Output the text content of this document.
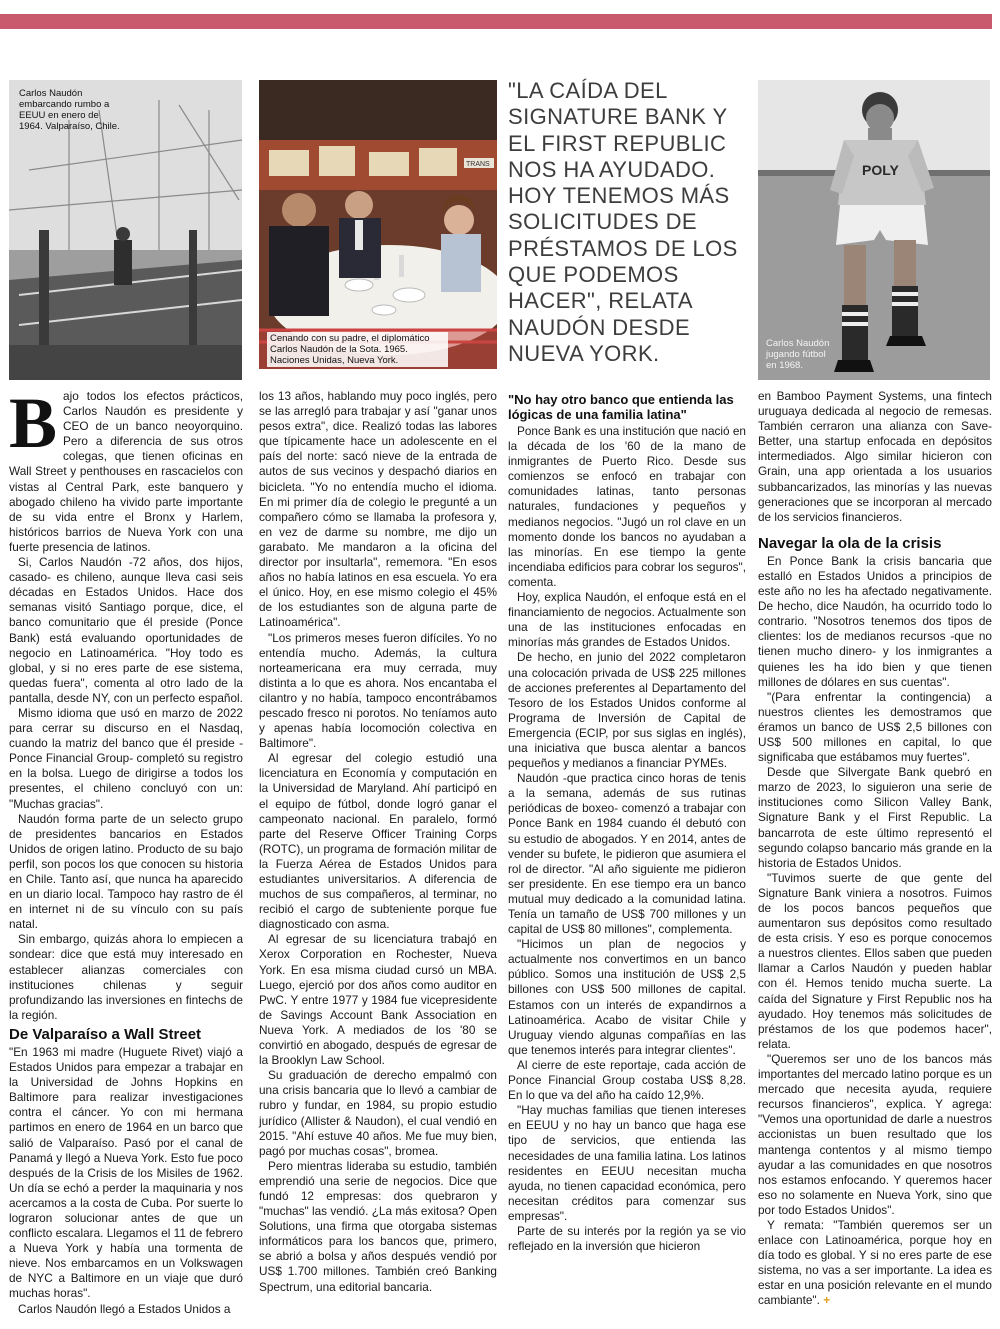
Carlos Naudón embarcando rumbo a EEUU en enero de 1964. Valparaíso, Chile.
TRANS
Cenando con su padre, el diplomático Carlos Naudón de la Sota. 1965. Naciones Unidas, Nueva York.
"LA CAÍDA DEL SIGNATURE BANK Y EL FIRST REPUBLIC NOS HA AYUDADO. HOY TENEMOS MÁS SOLICITUDES DE PRÉSTAMOS DE LOS QUE PODEMOS HACER", RELATA NAUDÓN DESDE NUEVA YORK.
POLY
Carlos Naudón jugando fútbol en 1968.
B ajo todos los efectos prácticos, Carlos Naudón es presidente y CEO de un banco neoyorquino. Pero a diferencia de sus otros colegas, que tienen oficinas en Wall Street y penthouses en rascacielos con vistas al Central Park, este banquero y abogado chileno ha vivido parte importante de su vida entre el Bronx y Harlem, históricos barrios de Nueva York con una fuerte presencia de latinos.

Si, Carlos Naudón -72 años, dos hijos, casado- es chileno, aunque lleva casi seis décadas en Estados Unidos. Hace dos semanas visitó Santiago porque, dice, el banco comunitario que él preside (Ponce Bank) está evaluando oportunidades de negocio en Latinoamérica. "Hoy todo es global, y si no eres parte de ese sistema, quedas fuera", comenta al otro lado de la pantalla, desde NY, con un perfecto español.

Mismo idioma que usó en marzo de 2022 para cerrar su discurso en el Nasdaq, cuando la matriz del banco que él preside -Ponce Financial Group- completó su registro en la bolsa. Luego de dirigirse a todos los presentes, el chileno concluyó con un: "Muchas gracias".

Naudón forma parte de un selecto grupo de presidentes bancarios en Estados Unidos de origen latino. Producto de su bajo perfil, son pocos los que conocen su historia en Chile. Tanto así, que nunca ha aparecido en un diario local. Tampoco hay rastro de él en internet ni de su vínculo con su país natal.

Sin embargo, quizás ahora lo empiecen a sondear: dice que está muy interesado en establecer alianzas comerciales con instituciones chilenas y seguir profundizando las inversiones en fintechs de la región.

De Valparaíso a Wall Street

"En 1963 mi madre (Huguete Rivet) viajó a Estados Unidos para empezar a trabajar en la Universidad de Johns Hopkins en Baltimore para realizar investigaciones contra el cáncer. Yo con mi hermana partimos en enero de 1964 en un barco que salió de Valparaíso. Pasó por el canal de Panamá y llegó a Nueva York. Esto fue poco después de la Crisis de los Misiles de 1962. Un día se echó a perder la maquinaria y nos acercamos a la costa de Cuba. Por suerte lo lograron solucionar antes de que un conflicto escalara. Llegamos el 11 de febrero a Nueva York y había una tormenta de nieve. Nos embarcamos en un Volkswagen de NYC a Baltimore en un viaje que duró muchas horas".

Carlos Naudón llegó a Estados Unidos a

los 13 años, hablando muy poco inglés, pero se las arregló para trabajar y así "ganar unos pesos extra", dice. Realizó todas las labores que típicamente hace un adolescente en el país del norte: sacó nieve de la entrada de autos de sus vecinos y despachó diarios en bicicleta. "Yo no entendía mucho el idioma. En mi primer día de colegio le pregunté a un compañero cómo se llamaba la profesora y, en vez de darme su nombre, me dijo un garabato. Me mandaron a la oficina del director por insultarla", rememora. "En esos años no había latinos en esa escuela. Yo era el único. Hoy, en ese mismo colegio el 45% de los estudiantes son de alguna parte de Latinoamérica".

"Los primeros meses fueron difíciles. Yo no entendía mucho. Además, la cultura norteamericana era muy cerrada, muy distinta a lo que es ahora. Nos encantaba el cilantro y no había, tampoco encontrábamos pescado fresco ni porotos. No teníamos auto y apenas había locomoción colectiva en Baltimore".

Al egresar del colegio estudió una licenciatura en Economía y computación en la Universidad de Maryland. Ahí participó en el equipo de fútbol, donde logró ganar el campeonato nacional. En paralelo, formó parte del Reserve Officer Training Corps (ROTC), un programa de formación militar de la Fuerza Aérea de Estados Unidos para estudiantes universitarios. A diferencia de muchos de sus compañeros, al terminar, no recibió el cargo de subteniente porque fue diagnosticado con asma.

Al egresar de su licenciatura trabajó en Xerox Corporation en Rochester, Nueva York. En esa misma ciudad cursó un MBA. Luego, ejerció por dos años como auditor en PwC. Y entre 1977 y 1984 fue vicepresidente de Savings Account Bank Association en Nueva York. A mediados de los '80 se convirtió en abogado, después de egresar de la Brooklyn Law School.

Su graduación de derecho empalmó con una crisis bancaria que lo llevó a cambiar de rubro y fundar, en 1984, su propio estudio jurídico (Allister & Naudon), el cual vendió en 2015. "Ahí estuve 40 años. Me fue muy bien, pagó por muchas cosas", bromea.

Pero mientras lideraba su estudio, también emprendió una serie de negocios. Dice que fundó 12 empresas: dos quebraron y "muchas" las vendió. ¿La más exitosa? Open Solutions, una firma que otorgaba sistemas informáticos para los bancos que, primero, se abrió a bolsa y años después vendió por US$ 1.700 millones. También creó Banking Spectrum, una editorial bancaria.

"No hay otro banco que entienda las lógicas de una familia latina"

Ponce Bank es una institución que nació en la década de los '60 de la mano de inmigrantes de Puerto Rico. Desde sus comienzos se enfocó en trabajar con comunidades latinas, tanto personas naturales, fundaciones y pequeños y medianos negocios. "Jugó un rol clave en un momento donde los bancos no ayudaban a las minorías. En ese tiempo la gente incendiaba edificios para cobrar los seguros", comenta.

Hoy, explica Naudón, el enfoque está en el financiamiento de negocios. Actualmente son una de las instituciones enfocadas en minorías más grandes de Estados Unidos.

De hecho, en junio del 2022 completaron una colocación privada de US$ 225 millones de acciones preferentes al Departamento del Tesoro de los Estados Unidos conforme al Programa de Inversión de Capital de Emergencia (ECIP, por sus siglas en inglés), una iniciativa que busca alentar a bancos pequeños y medianos a financiar PYMEs.

Naudón -que practica cinco horas de tenis a la semana, además de sus rutinas periódicas de boxeo- comenzó a trabajar con Ponce Bank en 1984 cuando él debutó con su estudio de abogados. Y en 2014, antes de vender su bufete, le pidieron que asumiera el rol de director. "Al año siguiente me pidieron ser presidente. En ese tiempo era un banco mutual muy dedicado a la comunidad latina. Tenía un tamaño de US$ 700 millones y un capital de US$ 80 millones", complementa.

"Hicimos un plan de negocios y actualmente nos convertimos en un banco público. Somos una institución de US$ 2,5 billones con US$ 500 millones de capital. Estamos con un interés de expandirnos a Latinoamérica. Acabo de visitar Chile y Uruguay viendo algunas compañías en las que tenemos interés para integrar clientes".

Al cierre de este reportaje, cada acción de Ponce Financial Group costaba US$ 8,28. En lo que va del año ha caído 12,9%.

"Hay muchas familias que tienen intereses en EEUU y no hay un banco que haga ese tipo de servicios, que entienda las necesidades de una familia latina. Los latinos residentes en EEUU necesitan mucha ayuda, no tienen capacidad económica, pero necesitan créditos para comenzar sus empresas".

Parte de su interés por la región ya se vio reflejado en la inversión que hicieron

en Bamboo Payment Systems, una fintech uruguaya dedicada al negocio de remesas. También cerraron una alianza con Save-Better, una startup enfocada en depósitos intermediados. Algo similar hicieron con Grain, una app orientada a los usuarios subbancarizados, las minorías y las nuevas generaciones que se incorporan al mercado de los servicios financieros.

Navegar la ola de la crisis

En Ponce Bank la crisis bancaria que estalló en Estados Unidos a principios de este año no les ha afectado negativamente. De hecho, dice Naudón, ha ocurrido todo lo contrario. "Nosotros tenemos dos tipos de clientes: los de medianos recursos -que no tienen mucho dinero- y los inmigrantes a quienes les ha ido bien y que tienen millones de dólares en sus cuentas".

"(Para enfrentar la contingencia) a nuestros clientes les demostramos que éramos un banco de US$ 2,5 billones con US$ 500 millones en capital, lo que significaba que estábamos muy fuertes".

Desde que Silvergate Bank quebró en marzo de 2023, lo siguieron una serie de instituciones como Silicon Valley Bank, Signature Bank y el First Republic. La bancarrota de este último representó el segundo colapso bancario más grande en la historia de Estados Unidos.

"Tuvimos suerte de que gente del Signature Bank viniera a nosotros. Fuimos de los pocos bancos pequeños que aumentaron sus depósitos como resultado de esta crisis. Y eso es porque conocemos a nuestros clientes. Ellos saben que pueden llamar a Carlos Naudón y pueden hablar con él. Hemos tenido mucha suerte. La caída del Signature y First Republic nos ha ayudado. Hoy tenemos más solicitudes de préstamos de los que podemos hacer", relata.

"Queremos ser uno de los bancos más importantes del mercado latino porque es un mercado que necesita ayuda, requiere recursos financieros", explica. Y agrega: "Vemos una oportunidad de darle a nuestros accionistas un buen resultado que los mantenga contentos y al mismo tiempo ayudar a las comunidades en que nosotros nos estamos enfocando. Y queremos hacer eso no solamente en Nueva York, sino que por todo Estados Unidos".

Y remata: "También queremos ser un enlace con Latinoamérica, porque hoy en día todo es global. Y si no eres parte de ese sistema, no vas a ser importante. La idea es estar en una posición relevante en el mundo cambiante". +
